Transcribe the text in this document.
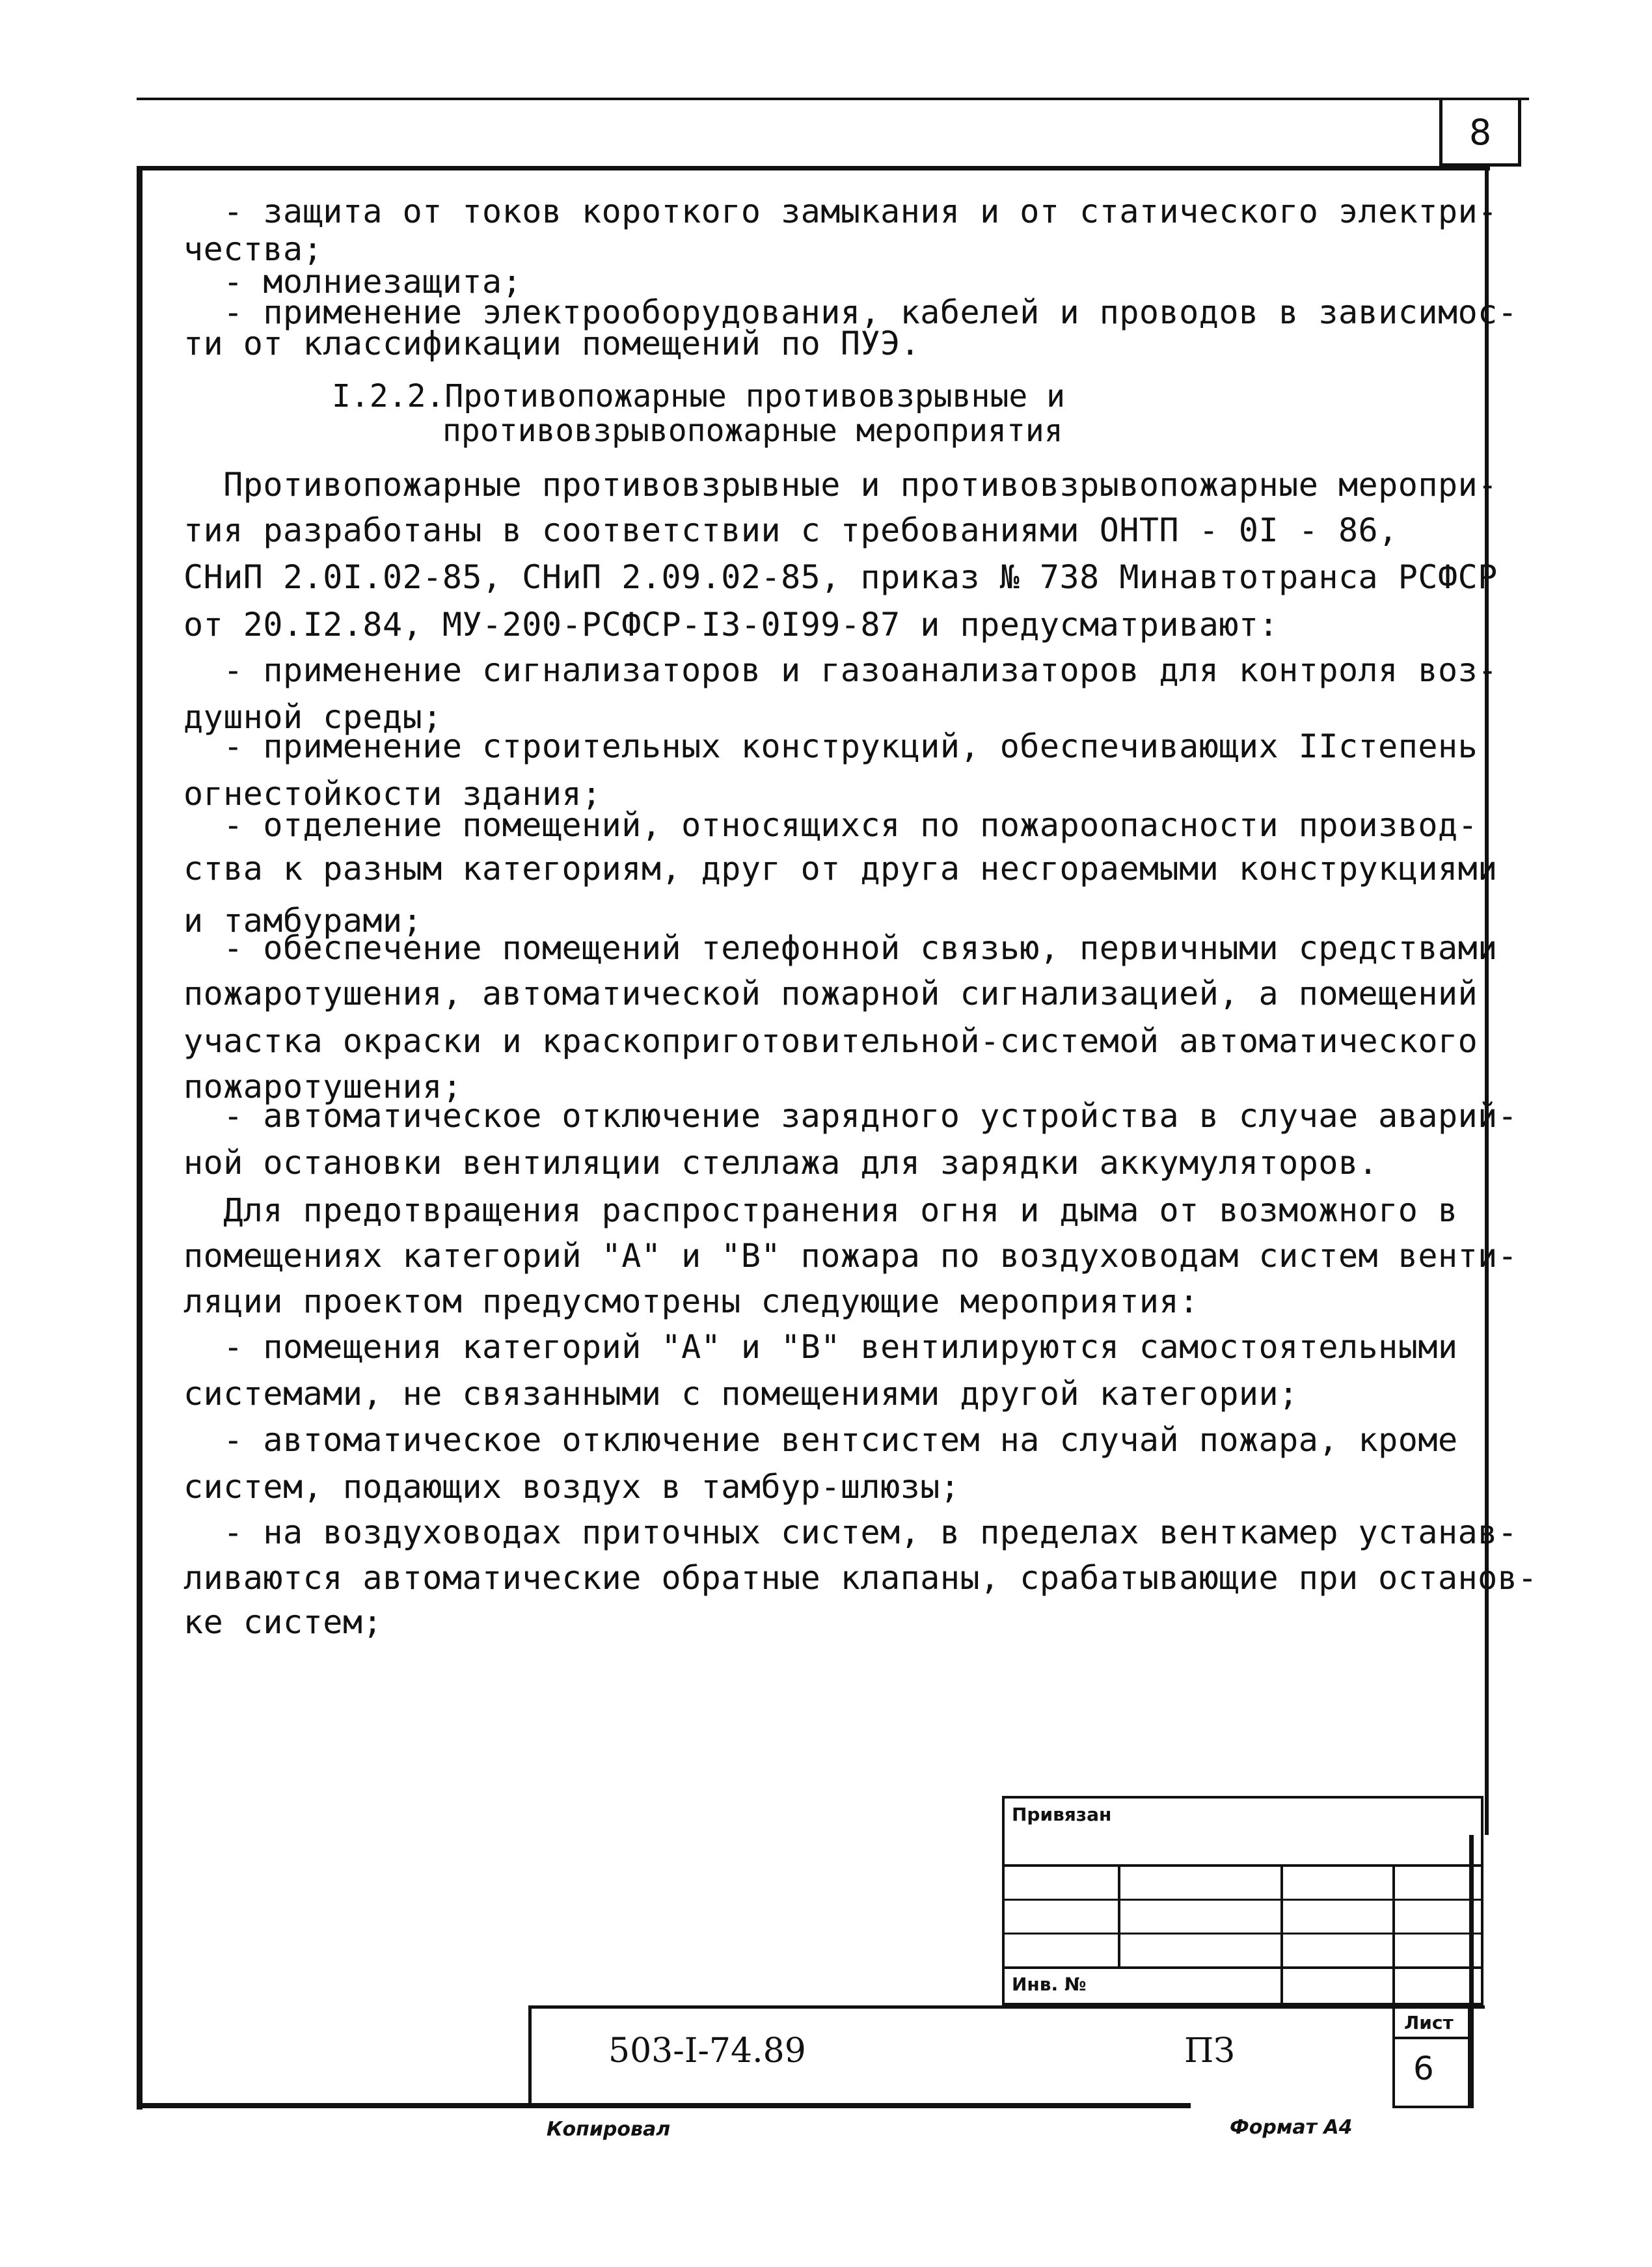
8
- защита от токов короткого замыкания и от статического электри-
чества;
- молниезащита;
- применение электрооборудования, кабелей и проводов в зависимос-
ти от классификации помещений по ПУЭ.
I.2.2.Противопожарные противовзрывные и
противовзрывопожарные мероприятия
Противопожарные противовзрывные и противовзрывопожарные меропри-
тия разработаны в соответствии с требованиями ОНТП - 0I - 86,
СНиП 2.0I.02-85, СНиП 2.09.02-85, приказ № 738 Минавтотранса РСФСР
от 20.I2.84, МУ-200-РСФСР-I3-0I99-87 и предусматривают:
- применение сигнализаторов и газоанализаторов для контроля воз-
душной среды;
- применение строительных конструкций, обеспечивающих IIстепень
огнестойкости здания;
- отделение помещений, относящихся по пожароопасности производ-
ства к разным категориям, друг от друга несгораемыми конструкциями
и тамбурами;
- обеспечение помещений телефонной связью, первичными средствами
пожаротушения, автоматической пожарной сигнализацией, а помещений
участка окраски и краскоприготовительной-системой автоматического
пожаротушения;
- автоматическое отключение зарядного устройства в случае аварий-
ной остановки вентиляции стеллажа для зарядки аккумуляторов.
Для предотвращения распространения огня и дыма от возможного в
помещениях категорий "А" и "В" пожара по воздуховодам систем венти-
ляции проектом предусмотрены следующие мероприятия:
- помещения категорий "А" и "В" вентилируются самостоятельными
системами, не связанными с помещениями другой категории;
- автоматическое отключение вентсистем на случай пожара, кроме
систем, подающих воздух в тамбур-шлюзы;
- на воздуховодах приточных систем, в пределах венткамер устанав-
ливаются автоматические обратные клапаны, срабатывающие при останов-
ке систем;
Привязан
Инв. №
503-I-74.89	ПЗ
Лист
6
Копировал	Формат А4
